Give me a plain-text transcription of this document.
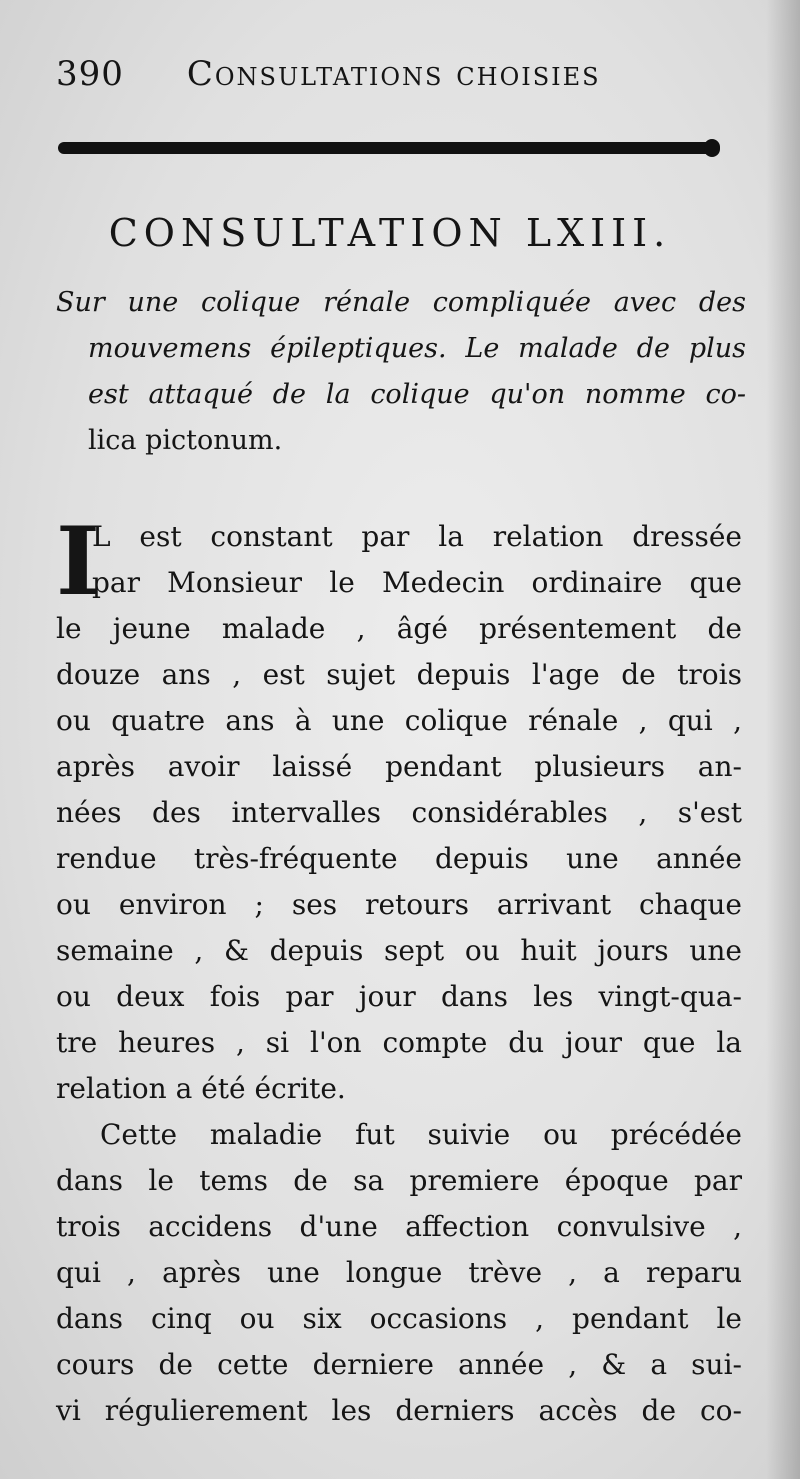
390 Consultations choisies
CONSULTATION LXIII.
Sur une colique rénale compliquée avec des
mouvemens épileptiques. Le malade de plus
est attaqué de la colique qu'on nomme co-
lica pictonum.
I
L est constant par la relation dressée
par Monsieur le Medecin ordinaire que
le jeune malade , âgé présentement de
douze ans , est sujet depuis l'age de trois
ou quatre ans à une colique rénale , qui ,
après avoir laissé pendant plusieurs an-
nées des intervalles considérables , s'est
rendue très-fréquente depuis une année
ou environ ; ses retours arrivant chaque
semaine , & depuis sept ou huit jours une
ou deux fois par jour dans les vingt-qua-
tre heures , si l'on compte du jour que la
relation a été écrite.
Cette maladie fut suivie ou précédée
dans le tems de sa premiere époque par
trois accidens d'une affection convulsive ,
qui , après une longue trève , a reparu
dans cinq ou six occasions , pendant le
cours de cette derniere année , & a sui-
vi régulierement les derniers accès de co-
